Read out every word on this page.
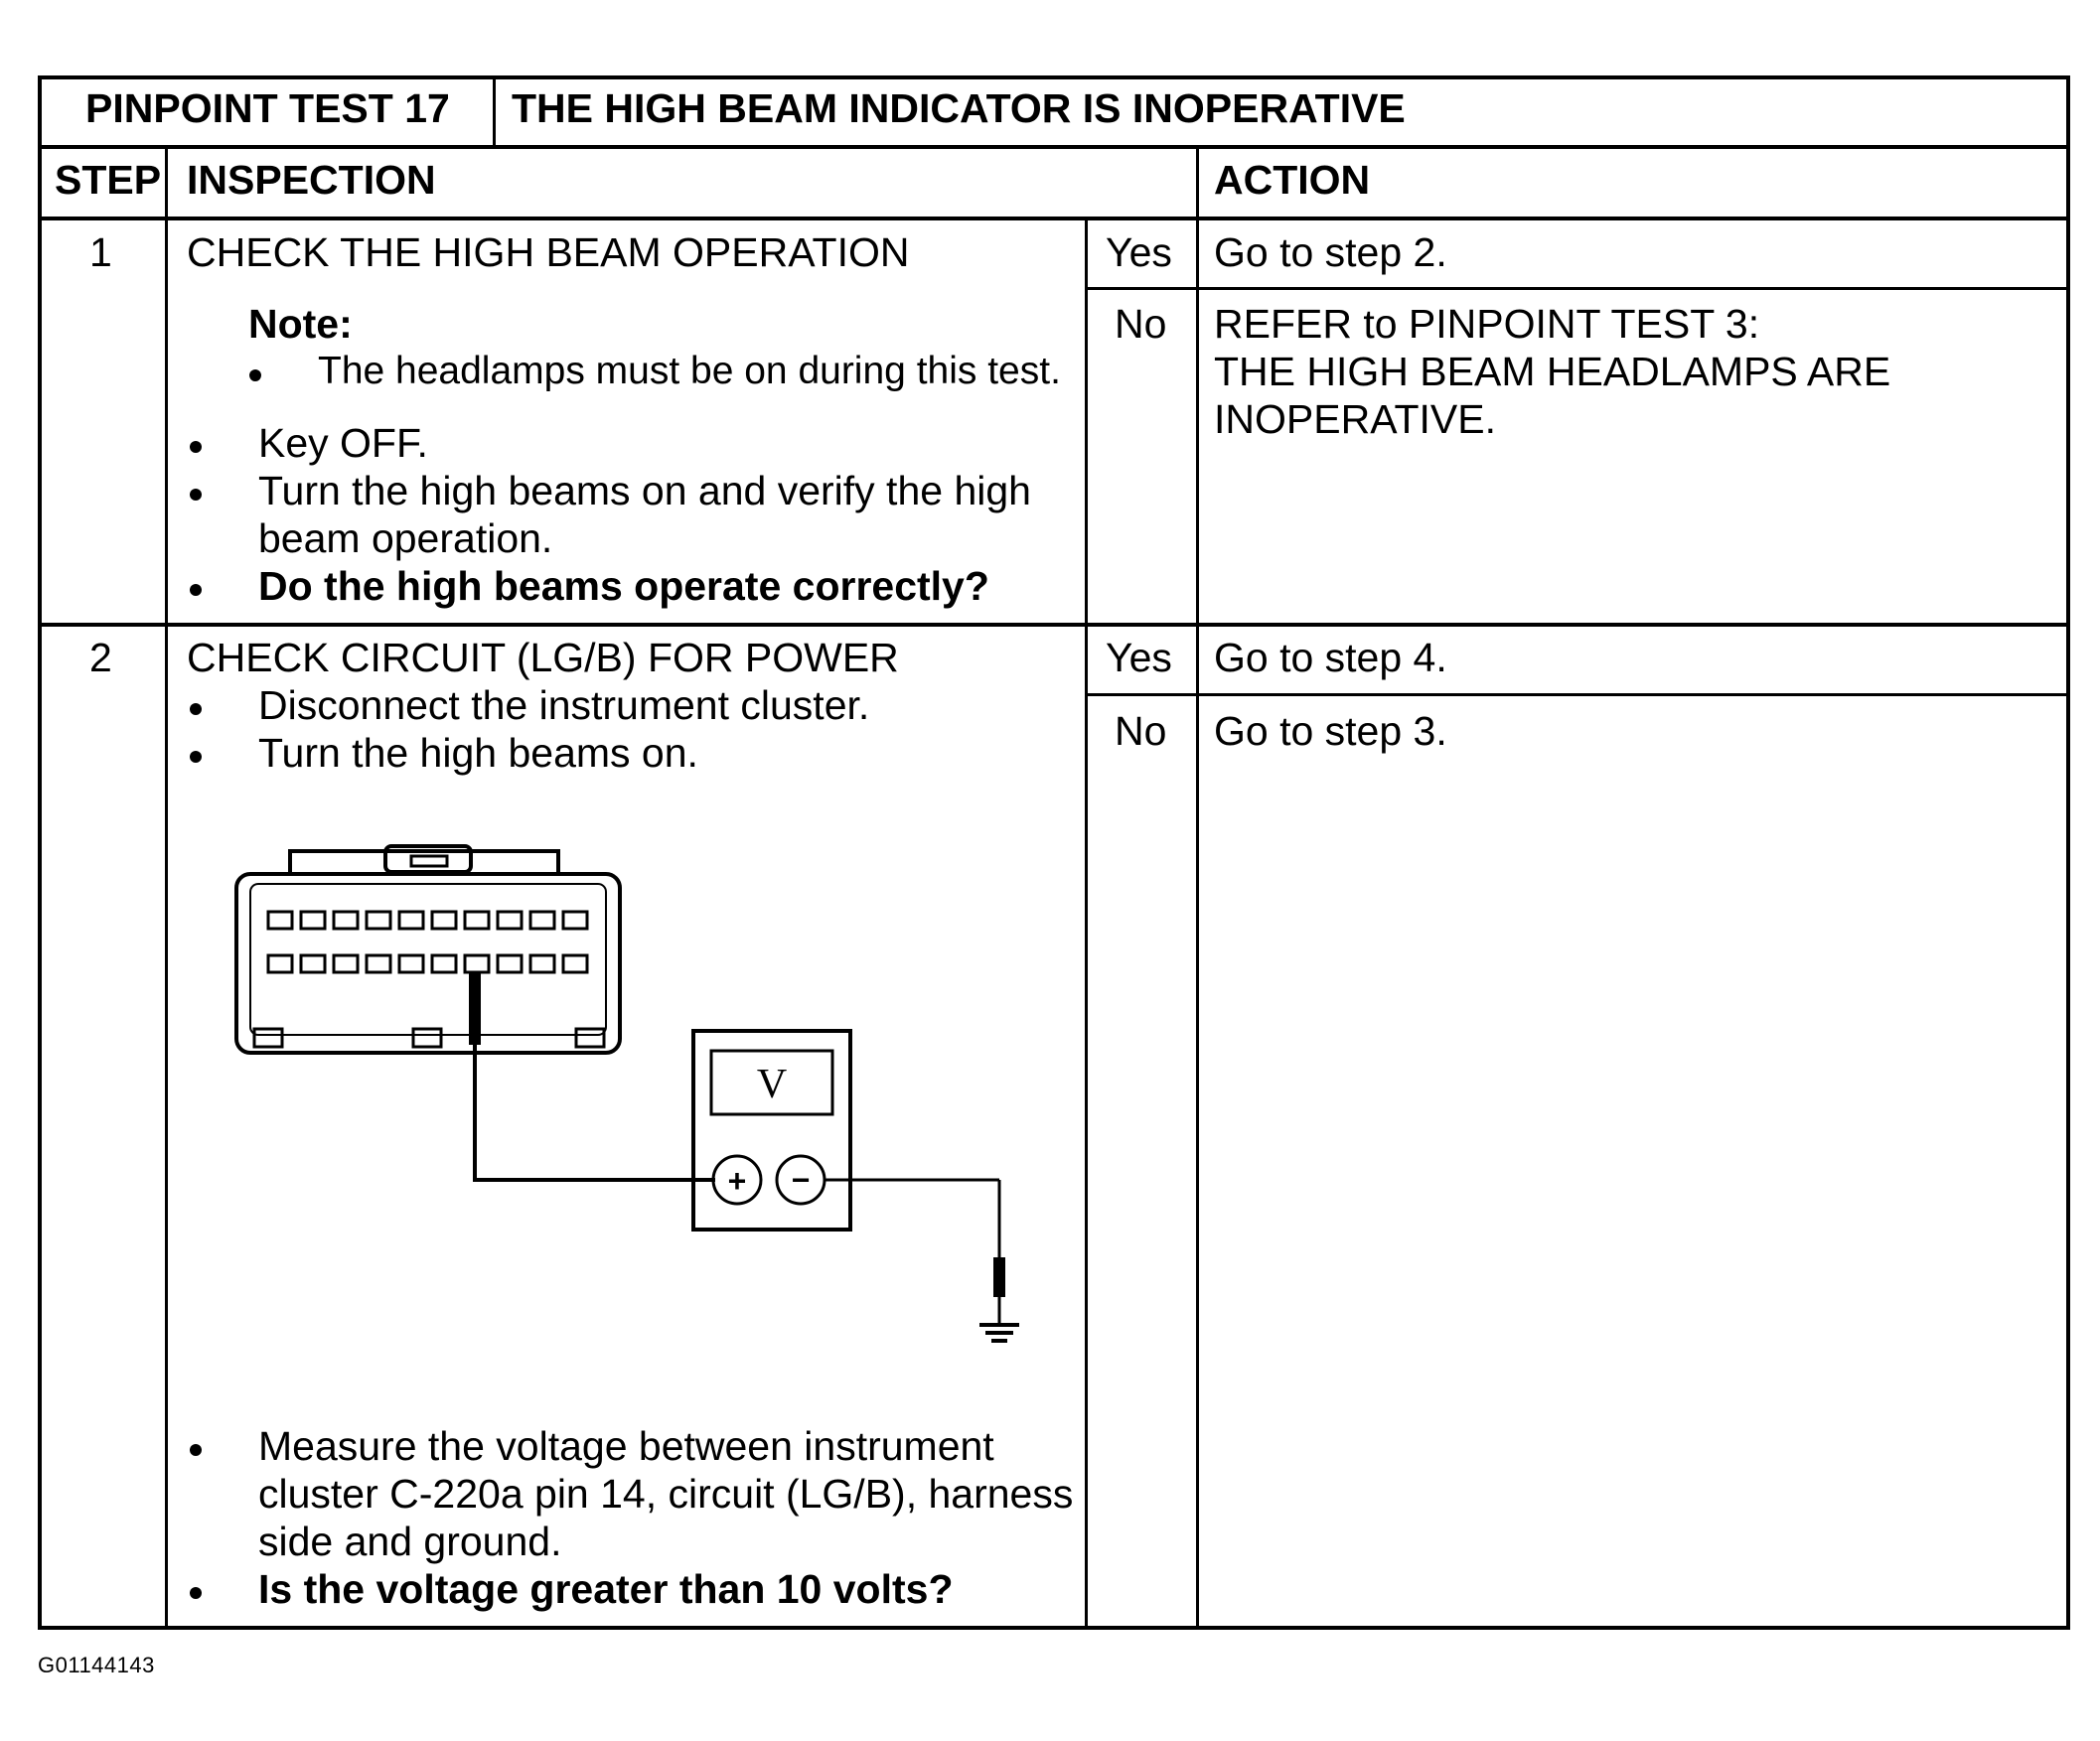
PINPOINT TEST 17 THE HIGH BEAM INDICATOR IS INOPERATIVE
STEP INSPECTION	ACTION
1 CHECK THE HIGH BEAM OPERATION
Note:
The headlamps must be on during this test.
Key OFF.
Turn the high beams on and verify the high
beam operation.
Do the high beams operate correctly?
Yes Go to step 2.
No REFER to PINPOINT TEST 3:
THE HIGH BEAM HEADLAMPS ARE
INOPERATIVE.
2 CHECK CIRCUIT (LG/B) FOR POWER
Disconnect the instrument cluster.
Turn the high beams on.
V
+ −
Measure the voltage between instrument
cluster C-220a pin 14, circuit (LG/B), harness
side and ground.
Is the voltage greater than 10 volts?
Yes Go to step 4.
No Go to step 3.
G01144143
